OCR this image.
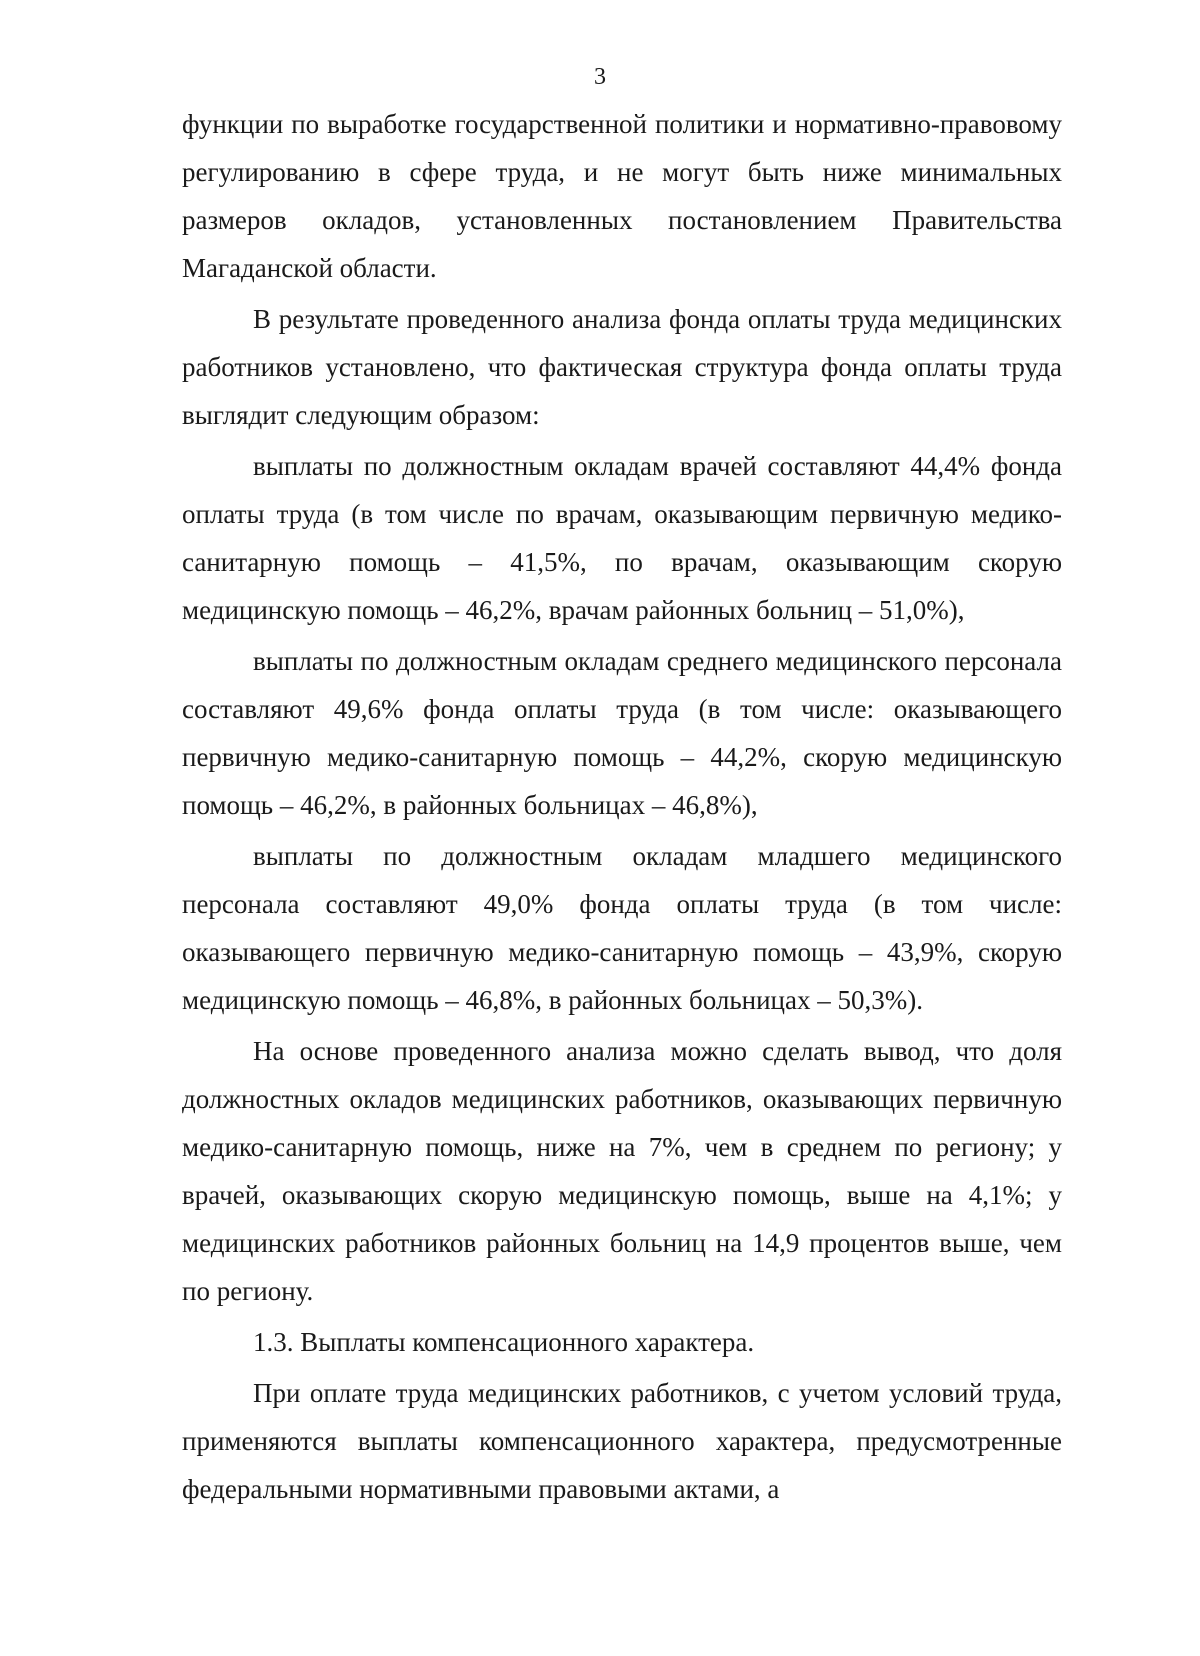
3

функции по выработке государственной политики и нормативно-правовому регулированию в сфере труда, и не могут быть ниже минимальных размеров окладов, установленных постановлением Правительства Магаданской области.

В результате проведенного анализа фонда оплаты труда медицинских работников установлено, что фактическая структура фонда оплаты труда выглядит следующим образом:

выплаты по должностным окладам врачей составляют 44,4% фонда оплаты труда (в том числе по врачам, оказывающим первичную медико-санитарную помощь – 41,5%, по врачам, оказывающим скорую медицинскую помощь – 46,2%, врачам районных больниц – 51,0%),

выплаты по должностным окладам среднего медицинского персонала составляют 49,6% фонда оплаты труда (в том числе: оказывающего первичную медико-санитарную помощь – 44,2%, скорую медицинскую помощь – 46,2%, в районных больницах – 46,8%),

выплаты по должностным окладам младшего медицинского персонала составляют 49,0% фонда оплаты труда (в том числе: оказывающего первичную медико-санитарную помощь – 43,9%, скорую медицинскую помощь – 46,8%, в районных больницах – 50,3%).

На основе проведенного анализа можно сделать вывод, что доля должностных окладов медицинских работников, оказывающих первичную медико-санитарную помощь, ниже на 7%, чем в среднем по региону; у врачей, оказывающих скорую медицинскую помощь, выше на 4,1%; у медицинских работников районных больниц на 14,9 процентов выше, чем по региону.

1.3. Выплаты компенсационного характера.

При оплате труда медицинских работников, с учетом условий труда, применяются выплаты компенсационного характера, предусмотренные федеральными нормативными правовыми актами, а
